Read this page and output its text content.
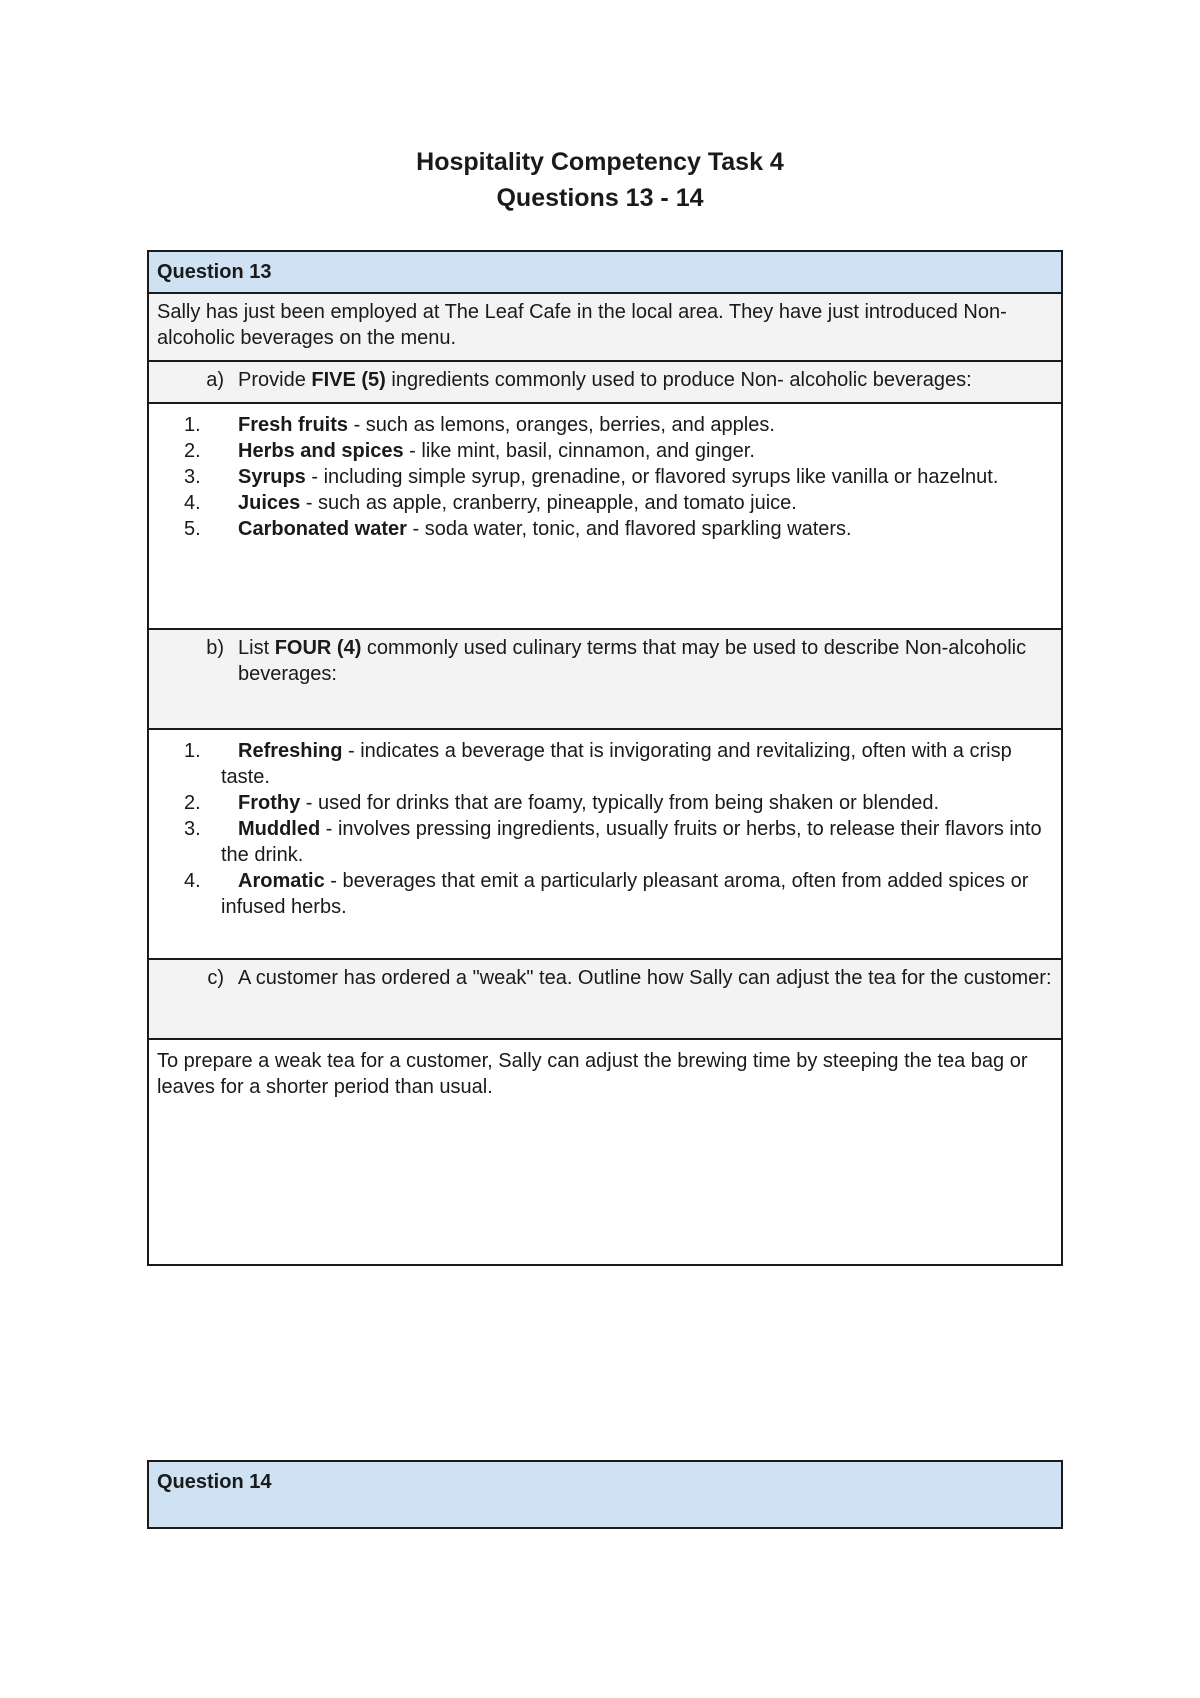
Hospitality Competency Task 4
Questions 13 - 14
Question 13
Sally has just been employed at The Leaf Cafe in the local area. They have just introduced Non-alcoholic beverages on the menu.
a) Provide FIVE (5) ingredients commonly used to produce Non- alcoholic beverages:
1. Fresh fruits - such as lemons, oranges, berries, and apples.
2. Herbs and spices - like mint, basil, cinnamon, and ginger.
3. Syrups - including simple syrup, grenadine, or flavored syrups like vanilla or hazelnut.
4. Juices - such as apple, cranberry, pineapple, and tomato juice.
5. Carbonated water - soda water, tonic, and flavored sparkling waters.
b) List FOUR (4) commonly used culinary terms that may be used to describe Non-alcoholic beverages:
1. Refreshing - indicates a beverage that is invigorating and revitalizing, often with a crisp taste.
2. Frothy - used for drinks that are foamy, typically from being shaken or blended.
3. Muddled - involves pressing ingredients, usually fruits or herbs, to release their flavors into the drink.
4. Aromatic - beverages that emit a particularly pleasant aroma, often from added spices or infused herbs.
c) A customer has ordered a "weak" tea. Outline how Sally can adjust the tea for the customer:
To prepare a weak tea for a customer, Sally can adjust the brewing time by steeping the tea bag or leaves for a shorter period than usual.
Question 14
